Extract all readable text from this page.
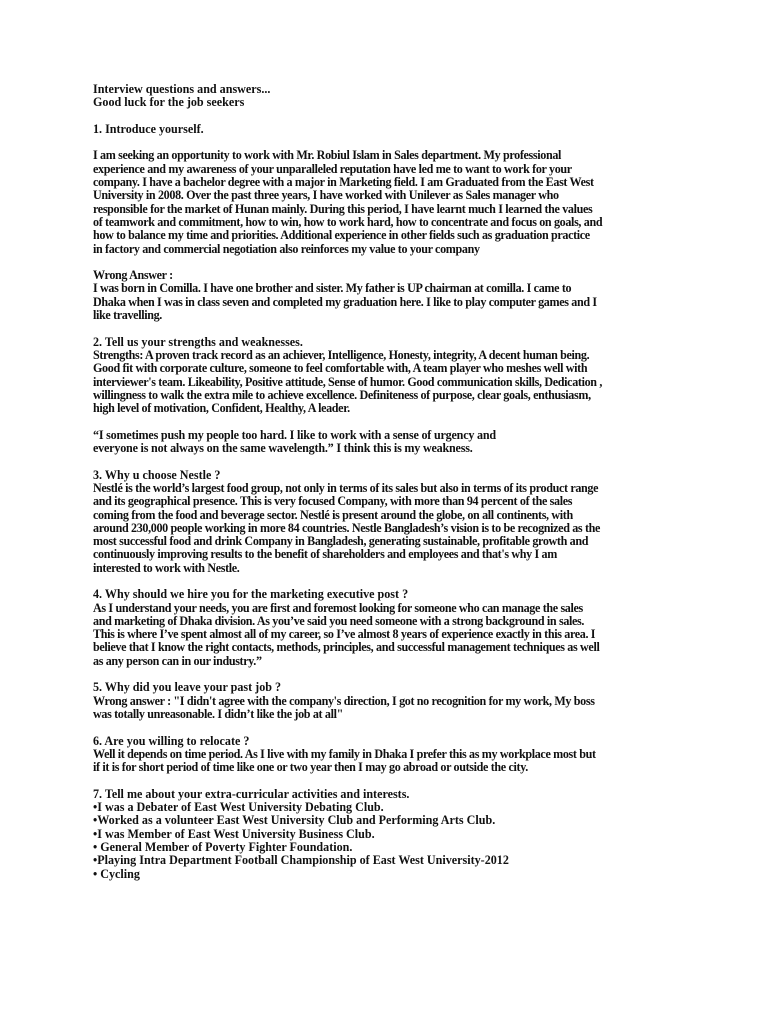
Interview questions and answers...
Good luck for the job seekers
1. Introduce yourself.
I am seeking an opportunity to work with Mr. Robiul Islam in Sales department. My professional
experience and my awareness of your unparalleled reputation have led me to want to work for your
company. I have a bachelor degree with a major in Marketing field. I am Graduated from the East West
University in 2008. Over the past three years, I have worked with Unilever as Sales manager who
responsible for the market of Hunan mainly. During this period, I have learnt much I learned the values
of teamwork and commitment, how to win, how to work hard, how to concentrate and focus on goals, and
how to balance my time and priorities. Additional experience in other fields such as graduation practice
in factory and commercial negotiation also reinforces my value to your company
Wrong Answer :
I was born in Comilla. I have one brother and sister. My father is UP chairman at comilla. I came to
Dhaka when I was in class seven and completed my graduation here. I like to play computer games and I
like travelling.
2. Tell us your strengths and weaknesses.
Strengths: A proven track record as an achiever, Intelligence, Honesty, integrity, A decent human being.
Good fit with corporate culture, someone to feel comfortable with, A team player who meshes well with
interviewer's team. Likeability, Positive attitude, Sense of humor. Good communication skills, Dedication ,
willingness to walk the extra mile to achieve excellence. Definiteness of purpose, clear goals, enthusiasm,
high level of motivation, Confident, Healthy, A leader.
“I sometimes push my people too hard. I like to work with a sense of urgency and
everyone is not always on the same wavelength.” I think this is my weakness.
3. Why u choose Nestle ?
Nestlé is the world’s largest food group, not only in terms of its sales but also in terms of its product range
and its geographical presence. This is very focused Company, with more than 94 percent of the sales
coming from the food and beverage sector. Nestlé is present around the globe, on all continents, with
around 230,000 people working in more 84 countries. Nestle Bangladesh’s vision is to be recognized as the
most successful food and drink Company in Bangladesh, generating sustainable, profitable growth and
continuously improving results to the benefit of shareholders and employees and that's why I am
interested to work with Nestle.
4. Why should we hire you for the marketing executive post ?
As I understand your needs, you are first and foremost looking for someone who can manage the sales
and marketing of Dhaka division. As you’ve said you need someone with a strong background in sales.
This is where I’ve spent almost all of my career, so I’ve almost 8 years of experience exactly in this area. I
believe that I know the right contacts, methods, principles, and successful management techniques as well
as any person can in our industry.”
5. Why did you leave your past job ?
Wrong answer : "I didn't agree with the company's direction, I got no recognition for my work, My boss
was totally unreasonable. I didn’t like the job at all"
6. Are you willing to relocate ?
Well it depends on time period. As I live with my family in Dhaka I prefer this as my workplace most but
if it is for short period of time like one or two year then I may go abroad or outside the city.
7. Tell me about your extra-curricular activities and interests.
•I was a Debater of East West University Debating Club.
•Worked as a volunteer East West University Club and Performing Arts Club.
•I was Member of East West University Business Club.
• General Member of Poverty Fighter Foundation.
•Playing Intra Department Football Championship of East West University-2012
• Cycling
